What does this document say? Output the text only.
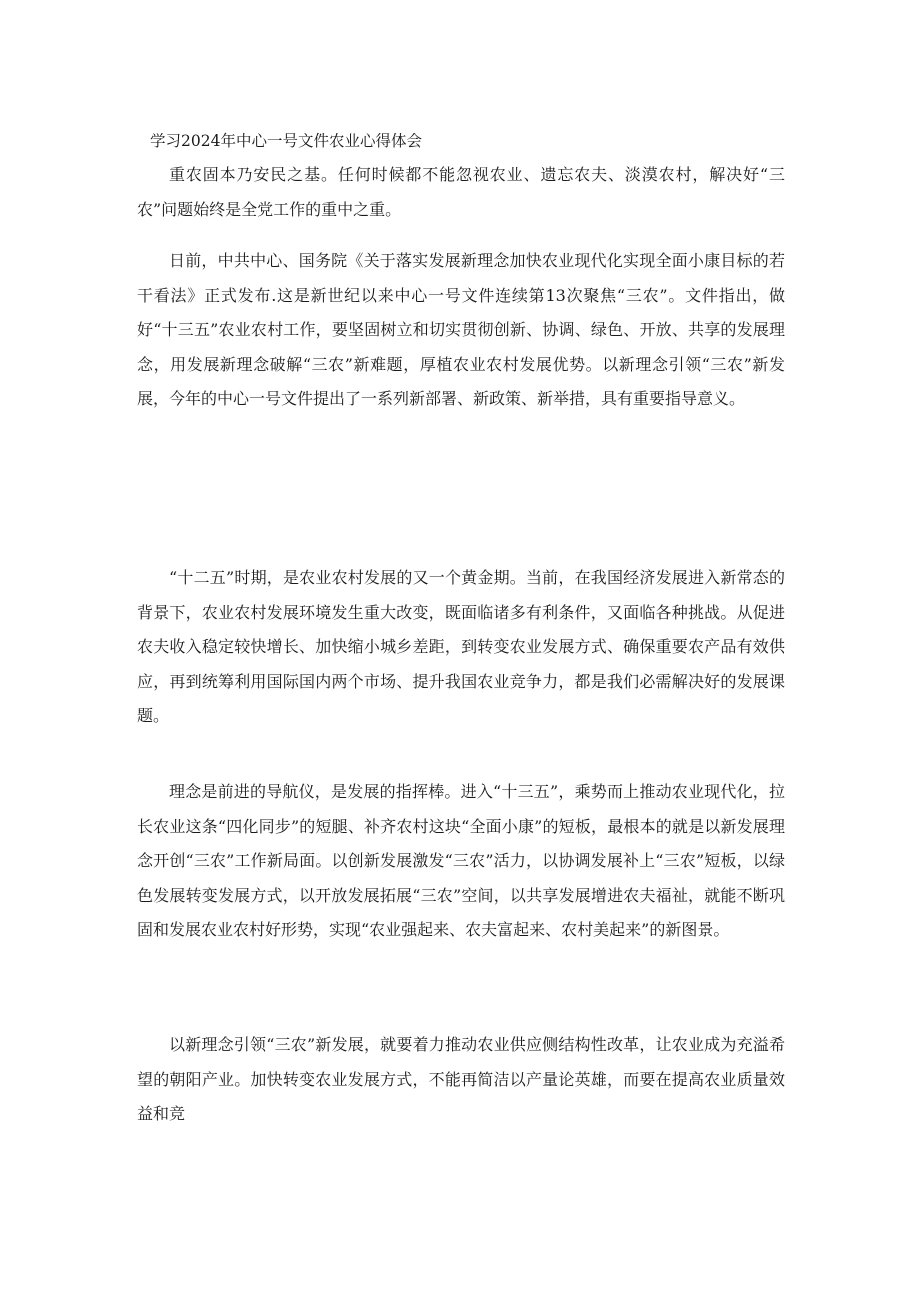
学习2024年中心一号文件农业心得体会

重农固本乃安民之基。任何时候都不能忽视农业、遗忘农夫、淡漠农村，解决好“三农”问题始终是全党工作的重中之重。

日前，中共中心、国务院《关于落实发展新理念加快农业现代化实现全面小康目标的若干看法》正式发布.这是新世纪以来中心一号文件连续第13次聚焦“三农”。文件指出，做好“十三五”农业农村工作，要坚固树立和切实贯彻创新、协调、绿色、开放、共享的发展理念，用发展新理念破解“三农”新难题，厚植农业农村发展优势。以新理念引领“三农”新发展，今年的中心一号文件提出了一系列新部署、新政策、新举措，具有重要指导意义。

“十二五”时期，是农业农村发展的又一个黄金期。当前，在我国经济发展进入新常态的背景下，农业农村发展环境发生重大改变，既面临诸多有利条件，又面临各种挑战。从促进农夫收入稳定较快增长、加快缩小城乡差距，到转变农业发展方式、确保重要农产品有效供应，再到统筹利用国际国内两个市场、提升我国农业竞争力，都是我们必需解决好的发展课题。

理念是前进的导航仪，是发展的指挥棒。进入“十三五”，乘势而上推动农业现代化，拉长农业这条“四化同步”的短腿、补齐农村这块“全面小康”的短板，最根本的就是以新发展理念开创“三农”工作新局面。以创新发展激发“三农”活力，以协调发展补上“三农”短板，以绿色发展转变发展方式，以开放发展拓展“三农”空间，以共享发展增进农夫福祉，就能不断巩固和发展农业农村好形势，实现“农业强起来、农夫富起来、农村美起来”的新图景。

以新理念引领“三农”新发展，就要着力推动农业供应侧结构性改革，让农业成为充溢希望的朝阳产业。加快转变农业发展方式，不能再简洁以产量论英雄，而要在提高农业质量效益和竞
